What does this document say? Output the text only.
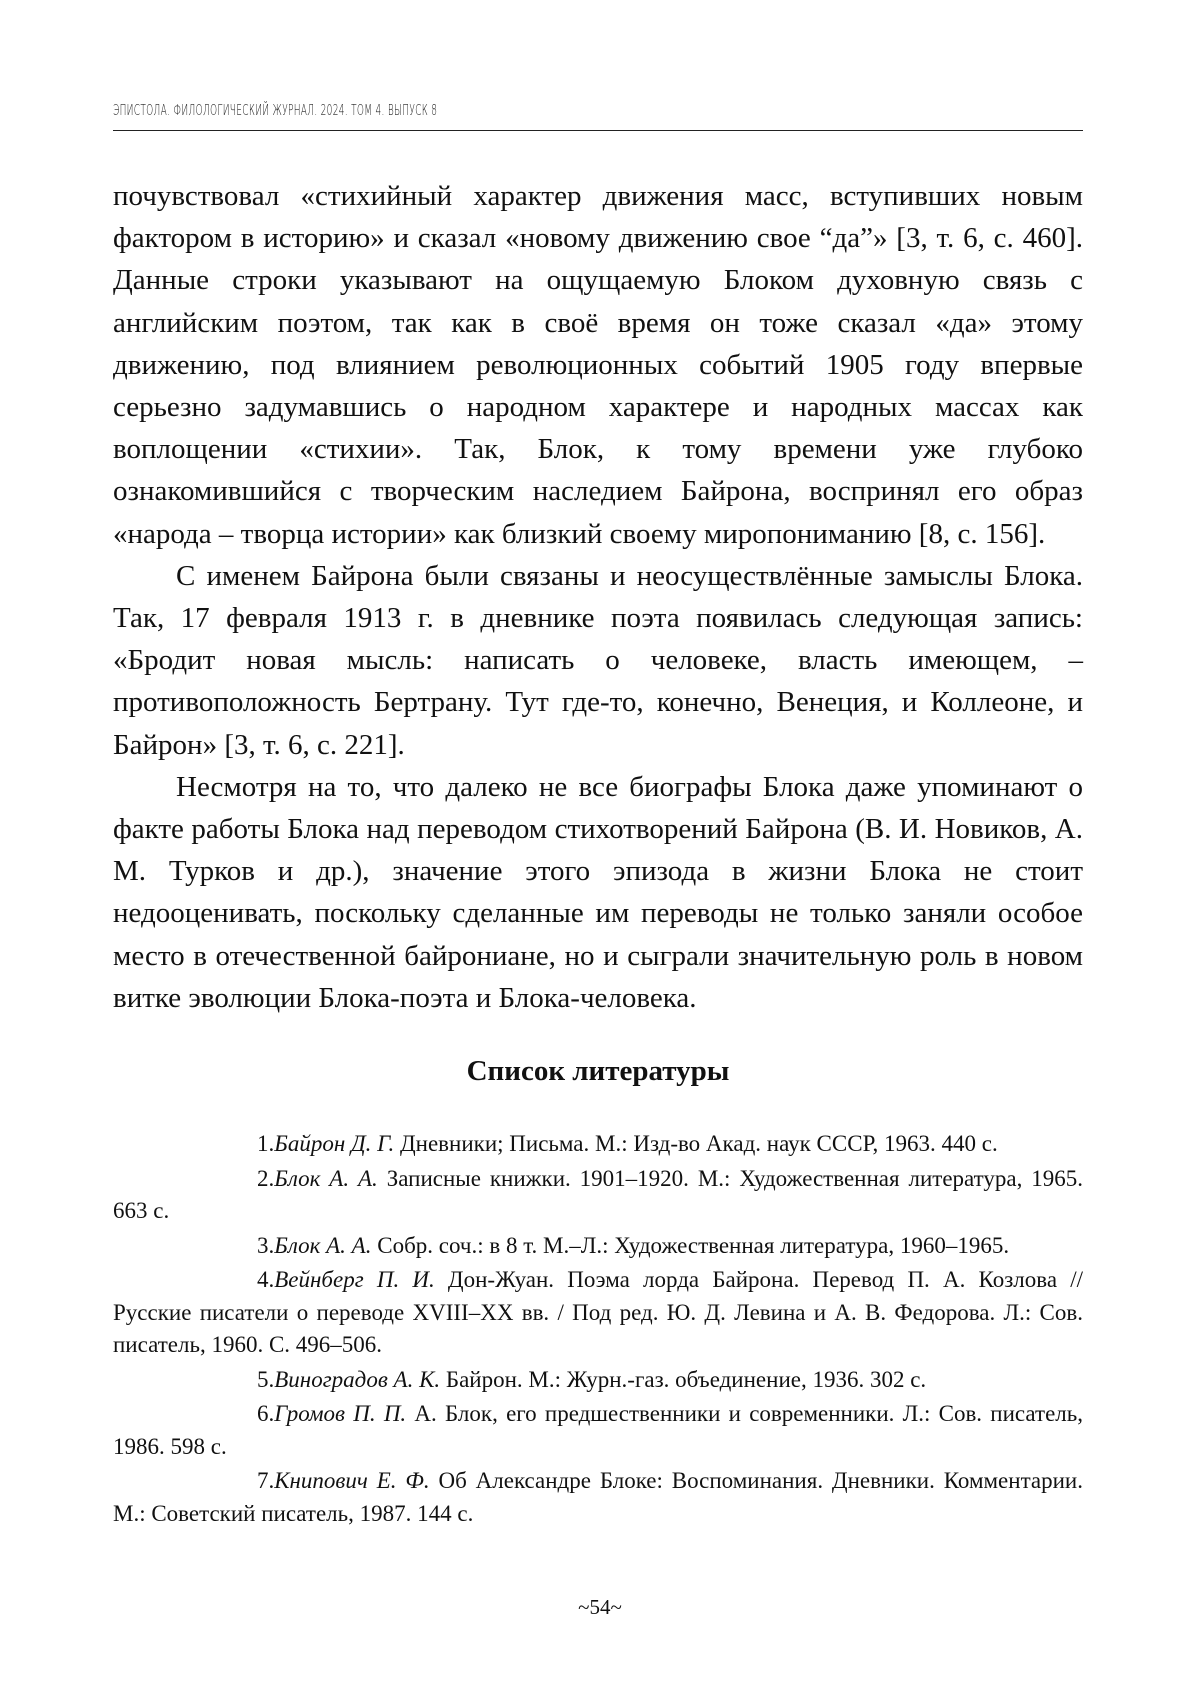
ЭПИСТОЛА. ФИЛОЛОГИЧЕСКИЙ ЖУРНАЛ. 2024. ТОМ 4. ВЫПУСК 8

почувствовал «стихийный характер движения масс, вступивших новым фактором в историю» и сказал «новому движению свое “да”» [3, т. 6, с. 460]. Данные строки указывают на ощущаемую Блоком духовную связь с английским поэтом, так как в своё время он тоже сказал «да» этому движению, под влиянием революционных событий 1905 году впервые серьезно задумавшись о народном характере и народных массах как воплощении «стихии». Так, Блок, к тому времени уже глубоко ознакомившийся с творческим наследием Байрона, воспринял его образ «народа – творца истории» как близкий своему миропониманию [8, с. 156].

С именем Байрона были связаны и неосуществлённые замыслы Блока. Так, 17 февраля 1913 г. в дневнике поэта появилась следующая запись: «Бродит новая мысль: написать о человеке, власть имеющем, – противоположность Бертрану. Тут где-то, конечно, Венеция, и Коллеоне, и Байрон» [3, т. 6, с. 221].

Несмотря на то, что далеко не все биографы Блока даже упоминают о факте работы Блока над переводом стихотворений Байрона (В. И. Новиков, А. М. Турков и др.), значение этого эпизода в жизни Блока не стоит недооценивать, поскольку сделанные им переводы не только заняли особое место в отечественной байрониане, но и сыграли значительную роль в новом витке эволюции Блока-поэта и Блока-человека.

Список литературы

1.Байрон Д. Г. Дневники; Письма. М.: Изд-во Акад. наук СССР, 1963. 440 с.

2.Блок А. А. Записные книжки. 1901–1920. М.: Художественная литература, 1965. 663 с.

3.Блок А. А. Собр. соч.: в 8 т. М.–Л.: Художественная литература, 1960–1965.

4.Вейнберг П. И. Дон-Жуан. Поэма лорда Байрона. Перевод П. А. Козлова // Русские писатели о переводе XVIII–XX вв. / Под ред. Ю. Д. Левина и А. В. Федорова. Л.: Сов. писатель, 1960. С. 496–506.

5.Виноградов А. К. Байрон. М.: Журн.-газ. объединение, 1936. 302 с.

6.Громов П. П. А. Блок, его предшественники и современники. Л.: Сов. писатель, 1986. 598 с.

7.Книпович Е. Ф. Об Александре Блоке: Воспоминания. Дневники. Комментарии. М.: Советский писатель, 1987. 144 с.

~54~
